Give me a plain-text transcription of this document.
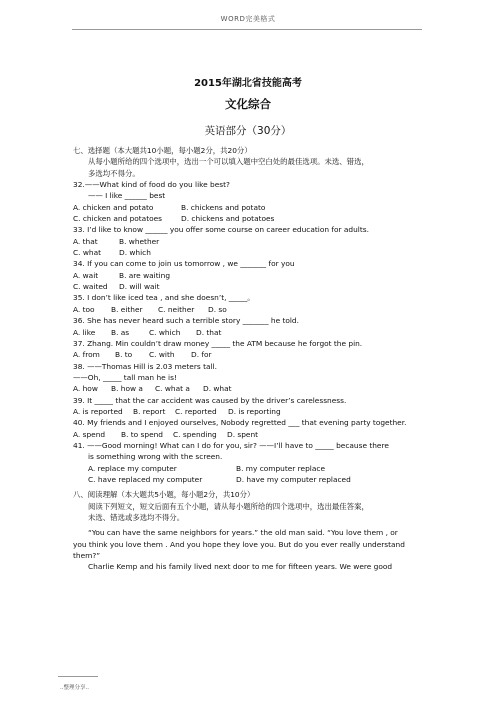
WORD完美格式
2015年湖北省技能高考
文化综合
英语部分（30分）

七、选择题（本大题共10小题，每小题2分，共20分）

从每小题所给的四个选项中，选出一个可以填入题中空白处的最佳选项。未选、错选，

多选均不得分。

32.——What kind of food do you like best?

—— I like ______ best

A. chicken and potato	B. chickens and potato

C. chicken and potatoes	D. chickens and potatoes

33. I’d like to know ______ you offer some course on career education for adults.

A. that	B. whether

C. what D. which

34. If you can come to join us tomorrow , we _______ for you

A. wait	B. are waiting

C. waited D. will wait

35. I don’t like iced tea , and she doesn’t, _____。

A. too B. either C. neither D. so

36. She has never heard such a terrible story _______ he told.

A. like B. as	C. which D. that

37. Zhang. Min couldn’t draw money _____ the ATM because he forgot the pin.

A. from B. to C. with D. for

38. ——Thomas Hill is 2.03 meters tall.

——Oh, _____ tall man he is!

A. how B. how a C. what a D. what

39. It _____ that the car accident was caused by the driver’s carelessness.

A. is reported B. report C. reported D. is reporting

40. My friends and I enjoyed ourselves, Nobody regretted ___ that evening party together.

A. spend B. to spend C. spending D. spent

41. ——Good morning! What can I do for you, sir? ——I’ll have to _____ because there

is something wrong with the screen.

A. replace my computer	B. my computer replace

C. have replaced my computer	D. have my computer replaced

八、阅读理解（本大题共5小题，每小题2分，共10分）

阅读下列短文，短文后面有五个小题，请从每小题所给的四个选项中，选出最佳答案，

未选、错选或多选均不得分。

“You can have the same neighbors for years.” the old man said. “You love them , or

you think you love them . And you hope they love you. But do you ever really understand

them?”

Charlie Kemp and his family lived next door to me for fifteen years. We were good

..整理分享..
